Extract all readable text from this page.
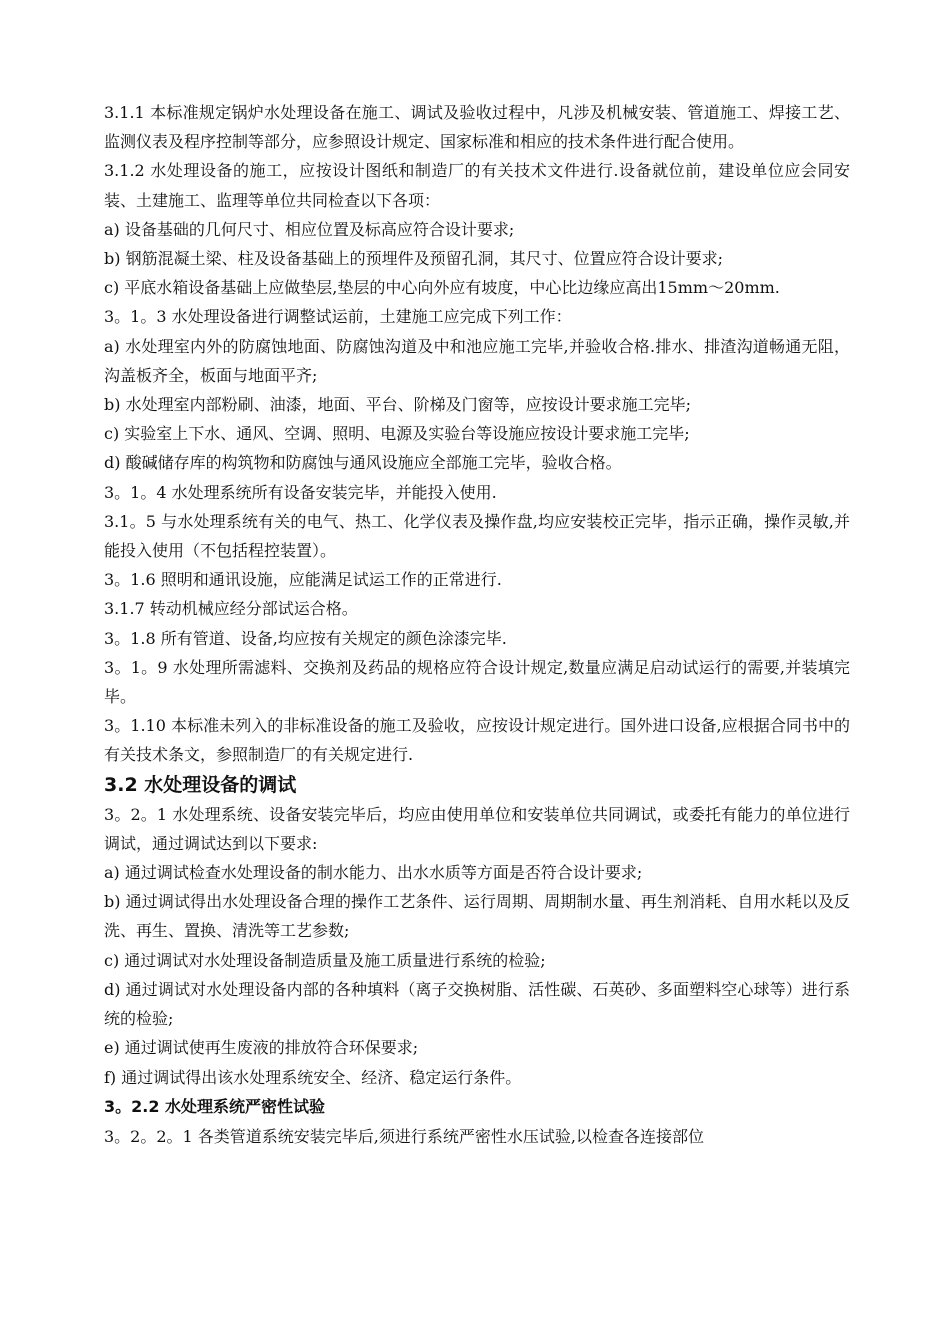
3.1.1 本标准规定锅炉水处理设备在施工、调试及验收过程中，凡涉及机械安装、管道施工、焊接工艺、监测仪表及程序控制等部分，应参照设计规定、国家标准和相应的技术条件进行配合使用。

3.1.2 水处理设备的施工，应按设计图纸和制造厂的有关技术文件进行.设备就位前，建设单位应会同安装、土建施工、监理等单位共同检查以下各项：

a) 设备基础的几何尺寸、相应位置及标高应符合设计要求;

b) 钢筋混凝土梁、柱及设备基础上的预埋件及预留孔洞，其尺寸、位置应符合设计要求;

c) 平底水箱设备基础上应做垫层,垫层的中心向外应有坡度，中心比边缘应高出15mm～20mm.

3。1。3 水处理设备进行调整试运前，土建施工应完成下列工作：

a) 水处理室内外的防腐蚀地面、防腐蚀沟道及中和池应施工完毕,并验收合格.排水、排渣沟道畅通无阻，沟盖板齐全，板面与地面平齐;

b) 水处理室内部粉刷、油漆，地面、平台、阶梯及门窗等，应按设计要求施工完毕;

c) 实验室上下水、通风、空调、照明、电源及实验台等设施应按设计要求施工完毕;

d) 酸碱储存库的构筑物和防腐蚀与通风设施应全部施工完毕，验收合格。

3。1。4 水处理系统所有设备安装完毕，并能投入使用.

3.1。5 与水处理系统有关的电气、热工、化学仪表及操作盘,均应安装校正完毕，指示正确，操作灵敏,并能投入使用（不包括程控装置）。

3。1.6 照明和通讯设施，应能满足试运工作的正常进行.

3.1.7 转动机械应经分部试运合格。

3。1.8 所有管道、设备,均应按有关规定的颜色涂漆完毕.

3。1。9 水处理所需滤料、交换剂及药品的规格应符合设计规定,数量应满足启动试运行的需要,并装填完毕。

3。1.10 本标准未列入的非标准设备的施工及验收，应按设计规定进行。国外进口设备,应根据合同书中的有关技术条文，参照制造厂的有关规定进行.

3.2 水处理设备的调试

3。2。1 水处理系统、设备安装完毕后，均应由使用单位和安装单位共同调试，或委托有能力的单位进行调试，通过调试达到以下要求:

a) 通过调试检查水处理设备的制水能力、出水水质等方面是否符合设计要求;

b) 通过调试得出水处理设备合理的操作工艺条件、运行周期、周期制水量、再生剂消耗、自用水耗以及反洗、再生、置换、清洗等工艺参数;

c) 通过调试对水处理设备制造质量及施工质量进行系统的检验;

d) 通过调试对水处理设备内部的各种填料（离子交换树脂、活性碳、石英砂、多面塑料空心球等）进行系统的检验;

e) 通过调试使再生废液的排放符合环保要求;

f) 通过调试得出该水处理系统安全、经济、稳定运行条件。

3。2.2 水处理系统严密性试验

3。2。2。1 各类管道系统安装完毕后,须进行系统严密性水压试验,以检查各连接部位
